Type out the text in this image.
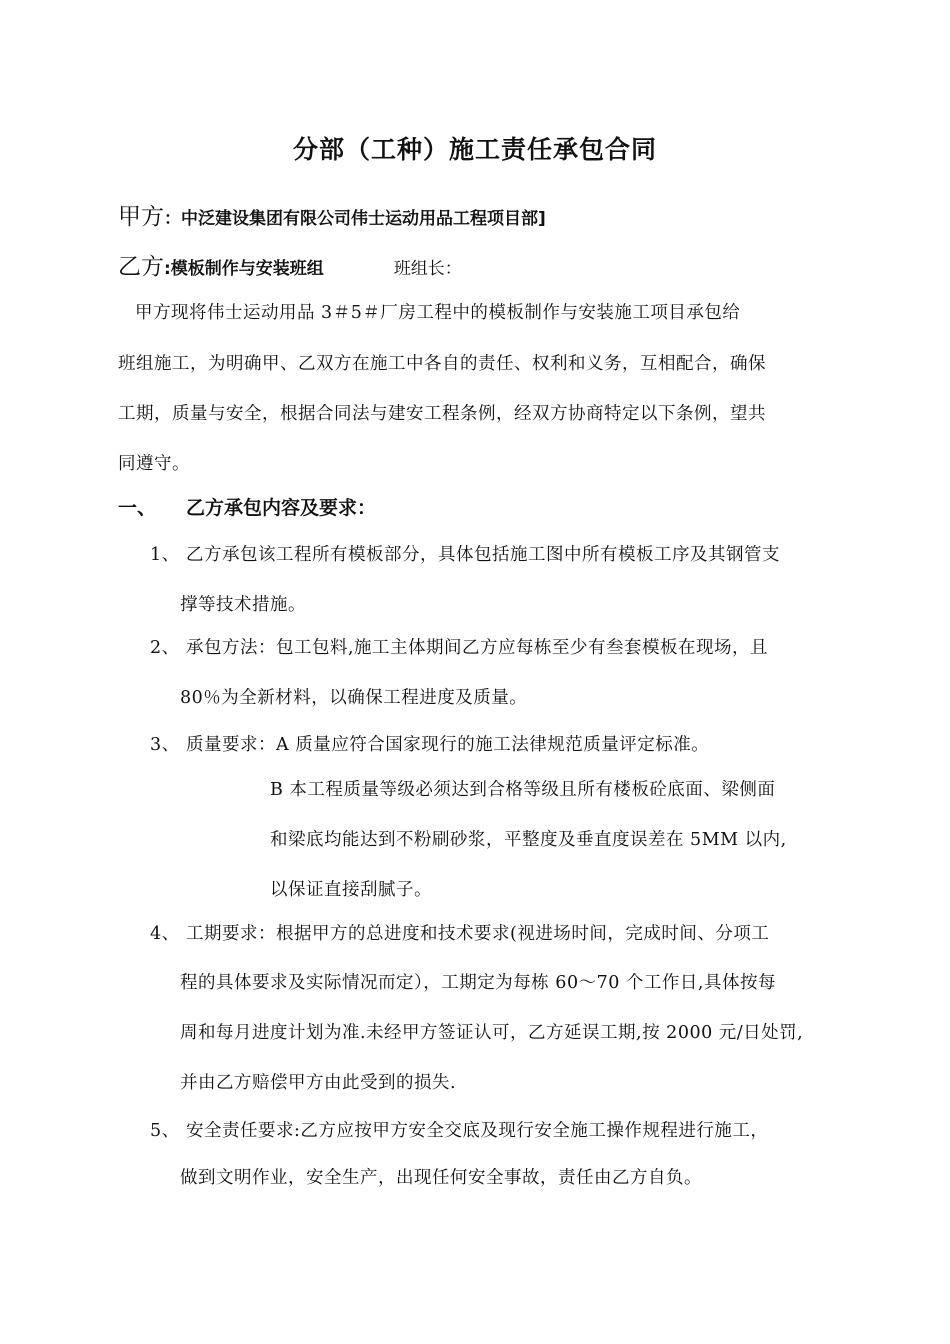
分部（工种）施工责任承包合同
甲方：中泛建设集团有限公司伟士运动用品工程项目部]
乙方:模板制作与安装班组	班组长：
甲方现将伟士运动用品 3＃5＃厂房工程中的模板制作与安装施工项目承包给
班组施工，为明确甲、乙双方在施工中各自的责任、权利和义务，互相配合，确保
工期，质量与安全，根据合同法与建安工程条例，经双方协商特定以下条例，望共
同遵守。
一、 乙方承包内容及要求：
1、 乙方承包该工程所有模板部分，具体包括施工图中所有模板工序及其钢管支
撑等技术措施。
2、 承包方法：包工包料,施工主体期间乙方应每栋至少有叁套模板在现场，且
80％为全新材料，以确保工程进度及质量。
3、 质量要求：A 质量应符合国家现行的施工法律规范质量评定标准。
B 本工程质量等级必须达到合格等级且所有楼板砼底面、梁侧面
和梁底均能达到不粉刷砂浆，平整度及垂直度误差在 5MM 以内,
以保证直接刮腻子。
4、 工期要求：根据甲方的总进度和技术要求(视进场时间，完成时间、分项工
程的具体要求及实际情况而定），工期定为每栋 60～70 个工作日,具体按每
周和每月进度计划为准.未经甲方签证认可，乙方延误工期,按 2000 元/日处罚,
并由乙方赔偿甲方由此受到的损失.
5、 安全责任要求:乙方应按甲方安全交底及现行安全施工操作规程进行施工，
做到文明作业，安全生产，出现任何安全事故，责任由乙方自负。
